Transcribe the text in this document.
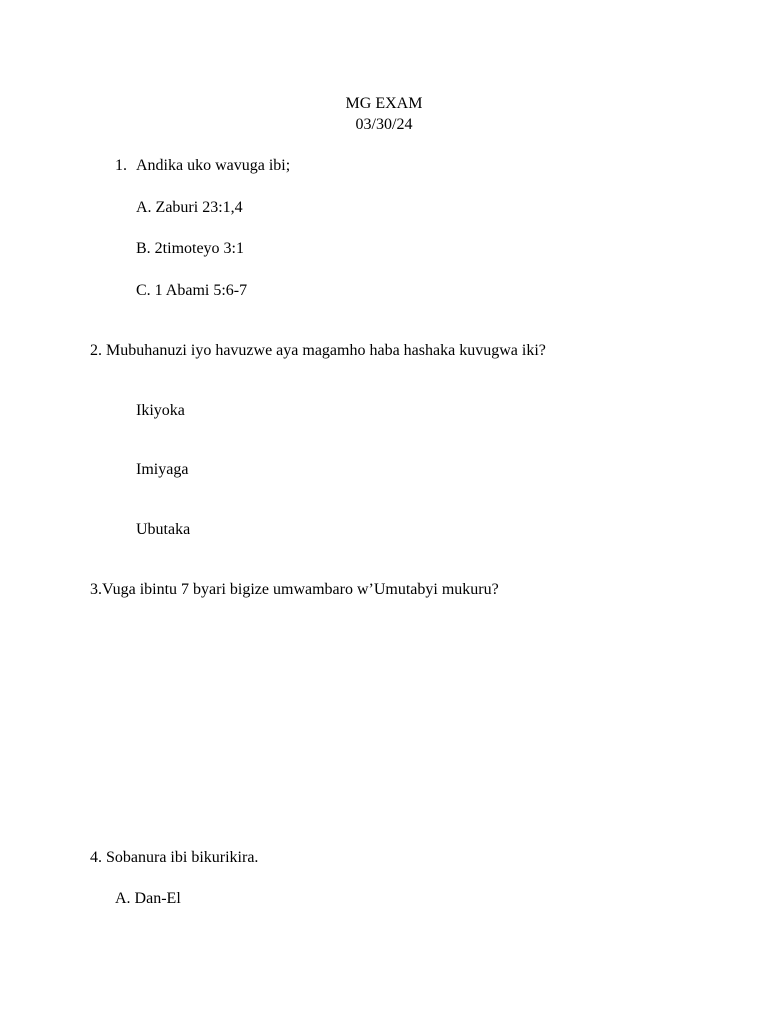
MG EXAM
03/30/24
1. Andika uko wavuga ibi;
A. Zaburi 23:1,4
B. 2timoteyo 3:1
C. 1 Abami 5:6-7
2. Mubuhanuzi iyo havuzwe aya magamho haba hashaka kuvugwa iki?
Ikiyoka
Imiyaga
Ubutaka
3.Vuga ibintu 7 byari bigize umwambaro w’Umutabyi mukuru?
4. Sobanura ibi bikurikira.
A. Dan-El
